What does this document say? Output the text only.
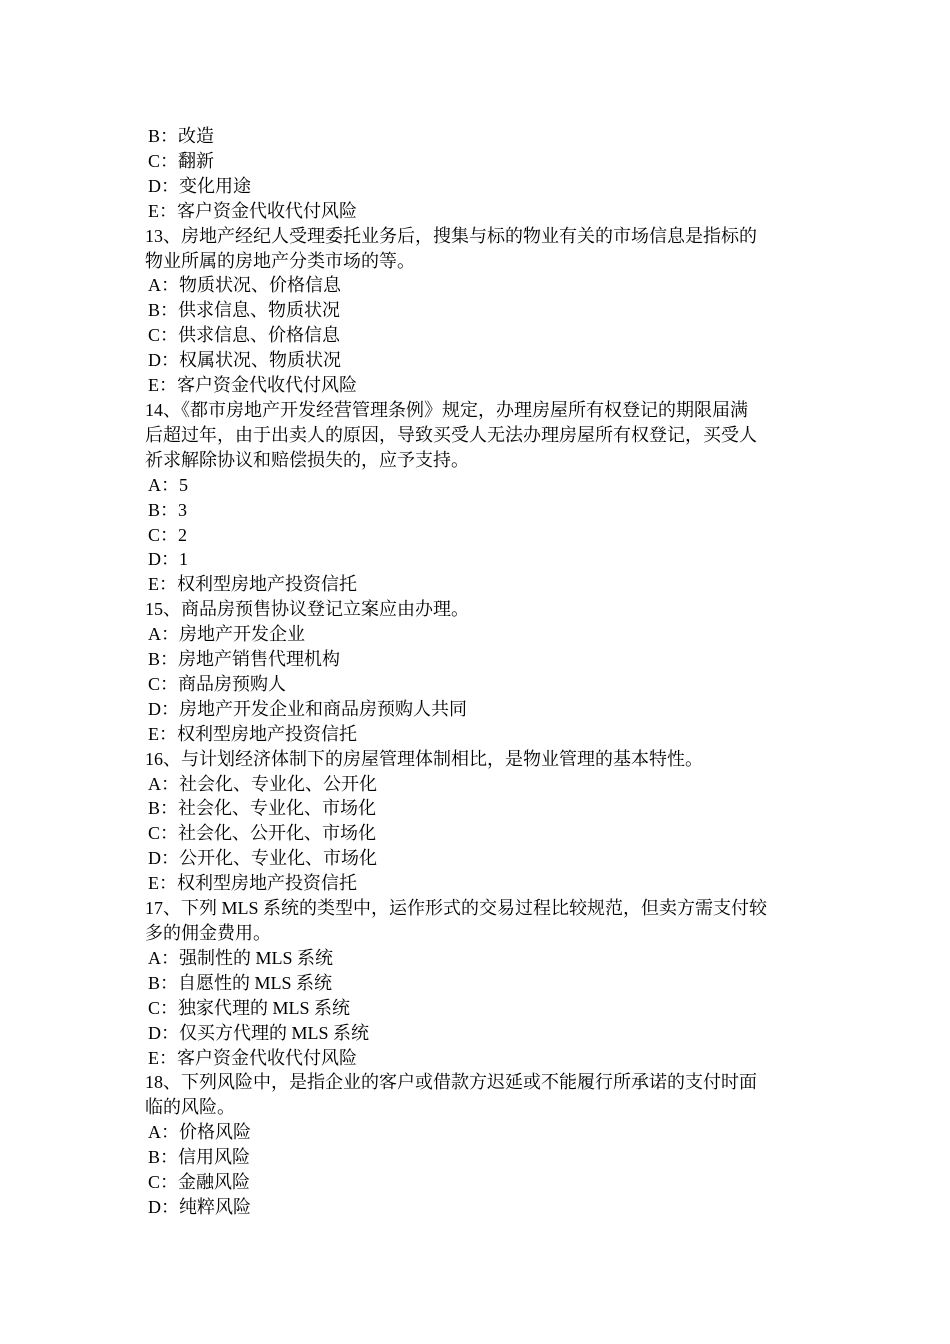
B：改造
C：翻新
D：变化用途
E：客户资金代收代付风险
13、房地产经纪人受理委托业务后，搜集与标的物业有关的市场信息是指标的
物业所属的房地产分类市场的等。
A：物质状况、价格信息
B：供求信息、物质状况
C：供求信息、价格信息
D：权属状况、物质状况
E：客户资金代收代付风险
14、《都市房地产开发经营管理条例》规定，办理房屋所有权登记的期限届满
后超过年，由于出卖人的原因，导致买受人无法办理房屋所有权登记，买受人
祈求解除协议和赔偿损失的，应予支持。
A：5
B：3
C：2
D：1
E：权利型房地产投资信托
15、商品房预售协议登记立案应由办理。
A：房地产开发企业
B：房地产销售代理机构
C：商品房预购人
D：房地产开发企业和商品房预购人共同
E：权利型房地产投资信托
16、与计划经济体制下的房屋管理体制相比，是物业管理的基本特性。
A：社会化、专业化、公开化
B：社会化、专业化、市场化
C：社会化、公开化、市场化
D：公开化、专业化、市场化
E：权利型房地产投资信托
17、下列 MLS 系统的类型中，运作形式的交易过程比较规范，但卖方需支付较
多的佣金费用。
A：强制性的 MLS 系统
B：自愿性的 MLS 系统
C：独家代理的 MLS 系统
D：仅买方代理的 MLS 系统
E：客户资金代收代付风险
18、下列风险中，是指企业的客户或借款方迟延或不能履行所承诺的支付时面
临的风险。
A：价格风险
B：信用风险
C：金融风险
D：纯粹风险
